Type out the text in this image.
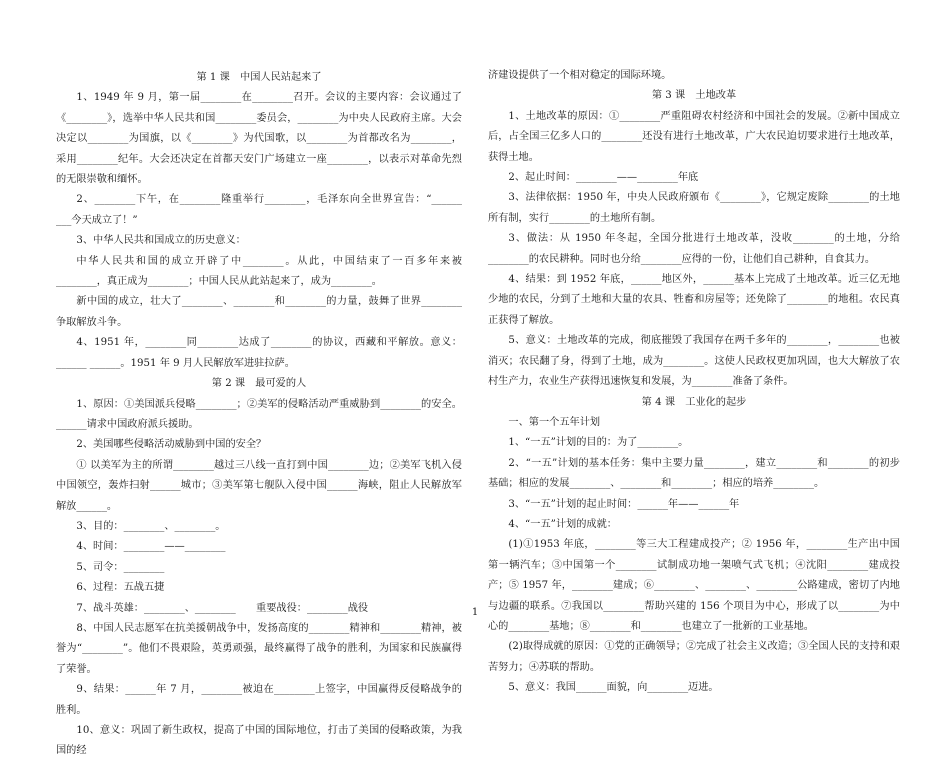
第 1 课　中国人民站起来了
1、1949 年 9 月，第一届________在________召开。会议的主要内容：会议通过了《________》，选举中华人民共和国________委员会，________为中央人民政府主席。大会决定以________为国旗，以《________》为代国歌，以________为首都改名为________，采用________纪年。大会还决定在首都天安门广场建立一座________，以表示对革命先烈的无限崇敬和缅怀。
2、________下午，在________隆重举行________，毛泽东向全世界宣告：“______ ___今天成立了！”
3、中华人民共和国成立的历史意义：
中华人民共和国的成立开辟了中________。从此，中国结束了一百多年来被________，真正成为________；中国人民从此站起来了，成为________。
新中国的成立，壮大了________、________和________的力量，鼓舞了世界________争取解放斗争。
4、1951 年，________同________达成了________的协议，西藏和平解放。意义：______ ______。1951 年 9 月人民解放军进驻拉萨。
第 2 课　最可爱的人
1、原因：①美国派兵侵略________；②美军的侵略活动严重威胁到________的安全。______请求中国政府派兵援助。
2、美国哪些侵略活动威胁到中国的安全？
① 以美军为主的所谓________越过三八线一直打到中国________边；②美军飞机入侵中国领空，轰炸扫射______城市；③美军第七舰队入侵中国______海峡，阻止人民解放军解放______。
3、目的：________、________。
4、时间：________——________
5、司令：________
6、过程：五战五捷
7、战斗英雄：________、________　　重要战役：________战役
8、中国人民志愿军在抗美援朝战争中，发扬高度的________精神和________精神，被誉为“________”。他们不畏艰险，英勇顽强，最终赢得了战争的胜利，为国家和民族赢得了荣誉。
9、结果：______年 7 月，________被迫在________上签字，中国赢得反侵略战争的胜利。
10、意义：巩固了新生政权，提高了中国的国际地位，打击了美国的侵略政策，为我国的经
济建设提供了一个相对稳定的国际环境。
第 3 课　土地改革
1、土地改革的原因：①________严重阻碍农村经济和中国社会的发展。②新中国成立后，占全国三亿多人口的________还没有进行土地改革，广大农民迫切要求进行土地改革，获得土地。
2、起止时间：________——________年底
3、法律依据：1950 年，中央人民政府颁布《________》，它规定废除________的土地所有制，实行________的土地所有制。
3、做法：从 1950 年冬起，全国分批进行土地改革，没收________的土地，分给________的农民耕种。同时也分给________应得的一份，让他们自己耕种，自食其力。
4、结果：到 1952 年底，______地区外，______基本上完成了土地改革。近三亿无地少地的农民，分到了土地和大量的农具、牲畜和房屋等；还免除了________的地租。农民真正获得了解放。
5、意义：土地改革的完成，彻底摧毁了我国存在两千多年的________，________也被消灭；农民翻了身，得到了土地，成为________。这使人民政权更加巩固，也大大解放了农村生产力，农业生产获得迅速恢复和发展，为________准备了条件。
第 4 课　工业化的起步
一、第一个五年计划
1、“一五”计划的目的：为了________。
2、“一五”计划的基本任务：集中主要力量________，建立________和________的初步基础；相应的发展________、________和________；相应的培养________。
3、“一五”计划的起止时间：______年——______年
4、“一五”计划的成就：
(1)①1953 年底，________等三大工程建成投产；② 1956 年，________生产出中国第一辆汽车；③中国第一个________试制成功地一架喷气式飞机；④沈阳________建成投产；⑤ 1957 年，________建成；⑥________、________、________公路建成，密切了内地与边疆的联系。⑦我国以________帮助兴建的 156 个项目为中心，形成了以________为中心的________基地；⑧________和________也建立了一批新的工业基地。
(2)取得成就的原因：①党的正确领导；②完成了社会主义改造；③全国人民的支持和艰苦努力；④苏联的帮助。
5、意义：我国______面貌，向________迈进。
1
